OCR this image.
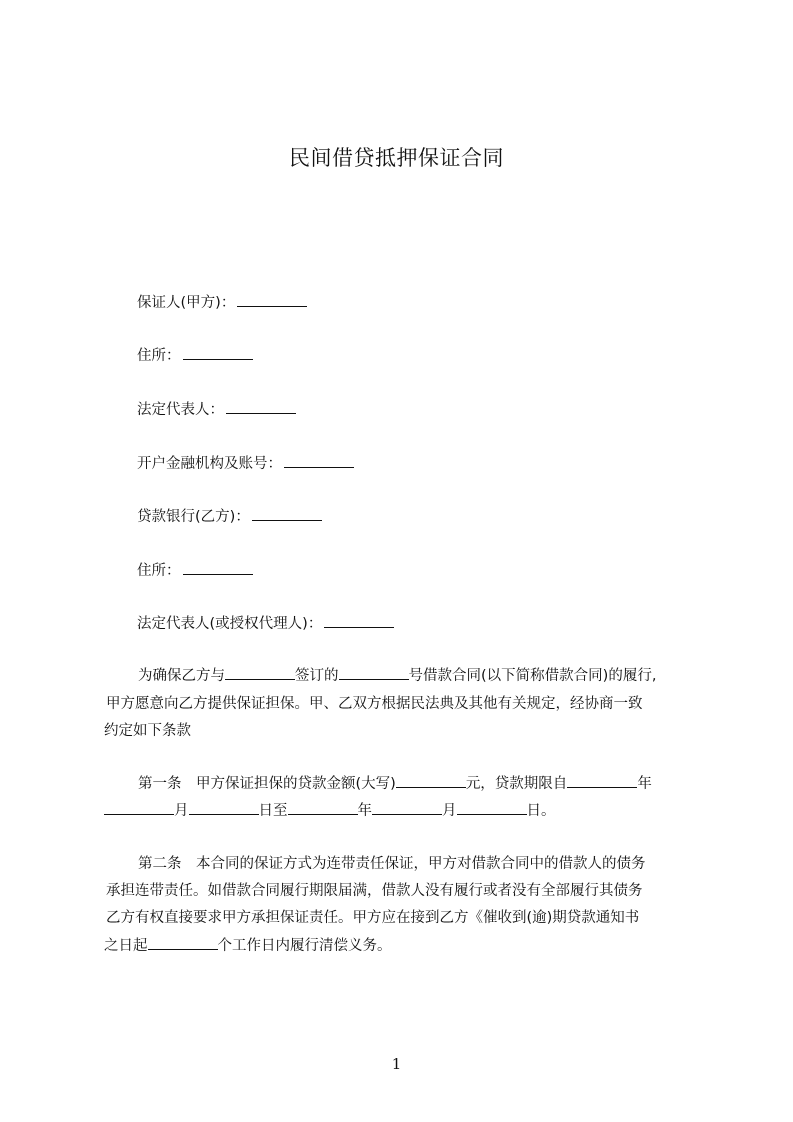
民间借贷抵押保证合同
保证人(甲方)：
住所：
法定代表人：
开户金融机构及账号：
贷款银行(乙方)：
住所：
法定代表人(或授权代理人)：
为确保乙方与	签订的	号借款合同(以下简称借款合同)的履行,
甲方愿意向乙方提供保证担保。甲、乙双方根据民法典及其他有关规定，经协商一致
约定如下条款
第一条　甲方保证担保的贷款金额(大写)	元，贷款期限自	年
月	日至	年	月	日。
第二条　本合同的保证方式为连带责任保证，甲方对借款合同中的借款人的债务
承担连带责任。如借款合同履行期限届满，借款人没有履行或者没有全部履行其债务
乙方有权直接要求甲方承担保证责任。甲方应在接到乙方《催收到(逾)期贷款通知书
之日起	个工作日内履行清偿义务。
1
